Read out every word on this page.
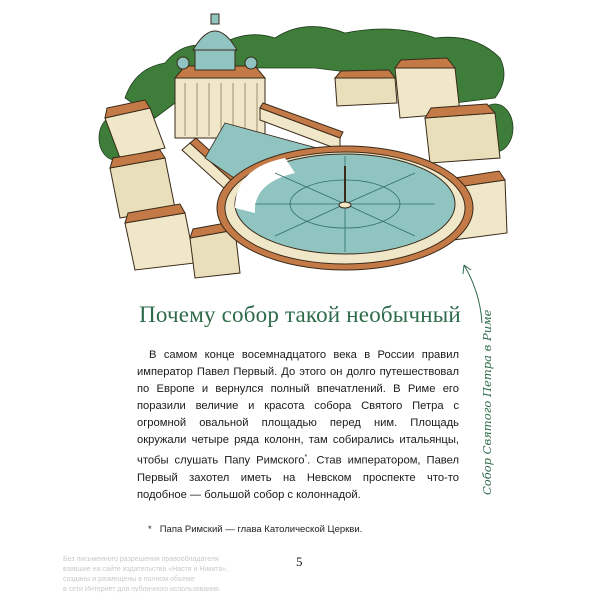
Почему собор такой необычный	Собор Святого Петра в Риме

В самом конце восемнадцатого века в России правил император Павел Первый. До этого он долго путешествовал по Европе и вернулся полный впечатлений. В Риме его поразили величие и красота собора Святого Петра с огромной овальной площадью перед ним. Площадь окружали четыре ряда колонн, там собирались итальянцы, чтобы слушать Папу Римского*. Став императором, Павел Первый захотел иметь на Невском проспекте что-то подобное — большой собор с колоннадой.

* Папа Римский — глава Католической Церкви.
Без письменного разрешения правообладателя
взявшие на сайте издательства «Настя и Никита»,
созданы и размещены в полном объеме
в сети Интернет для публичного использования.
5
